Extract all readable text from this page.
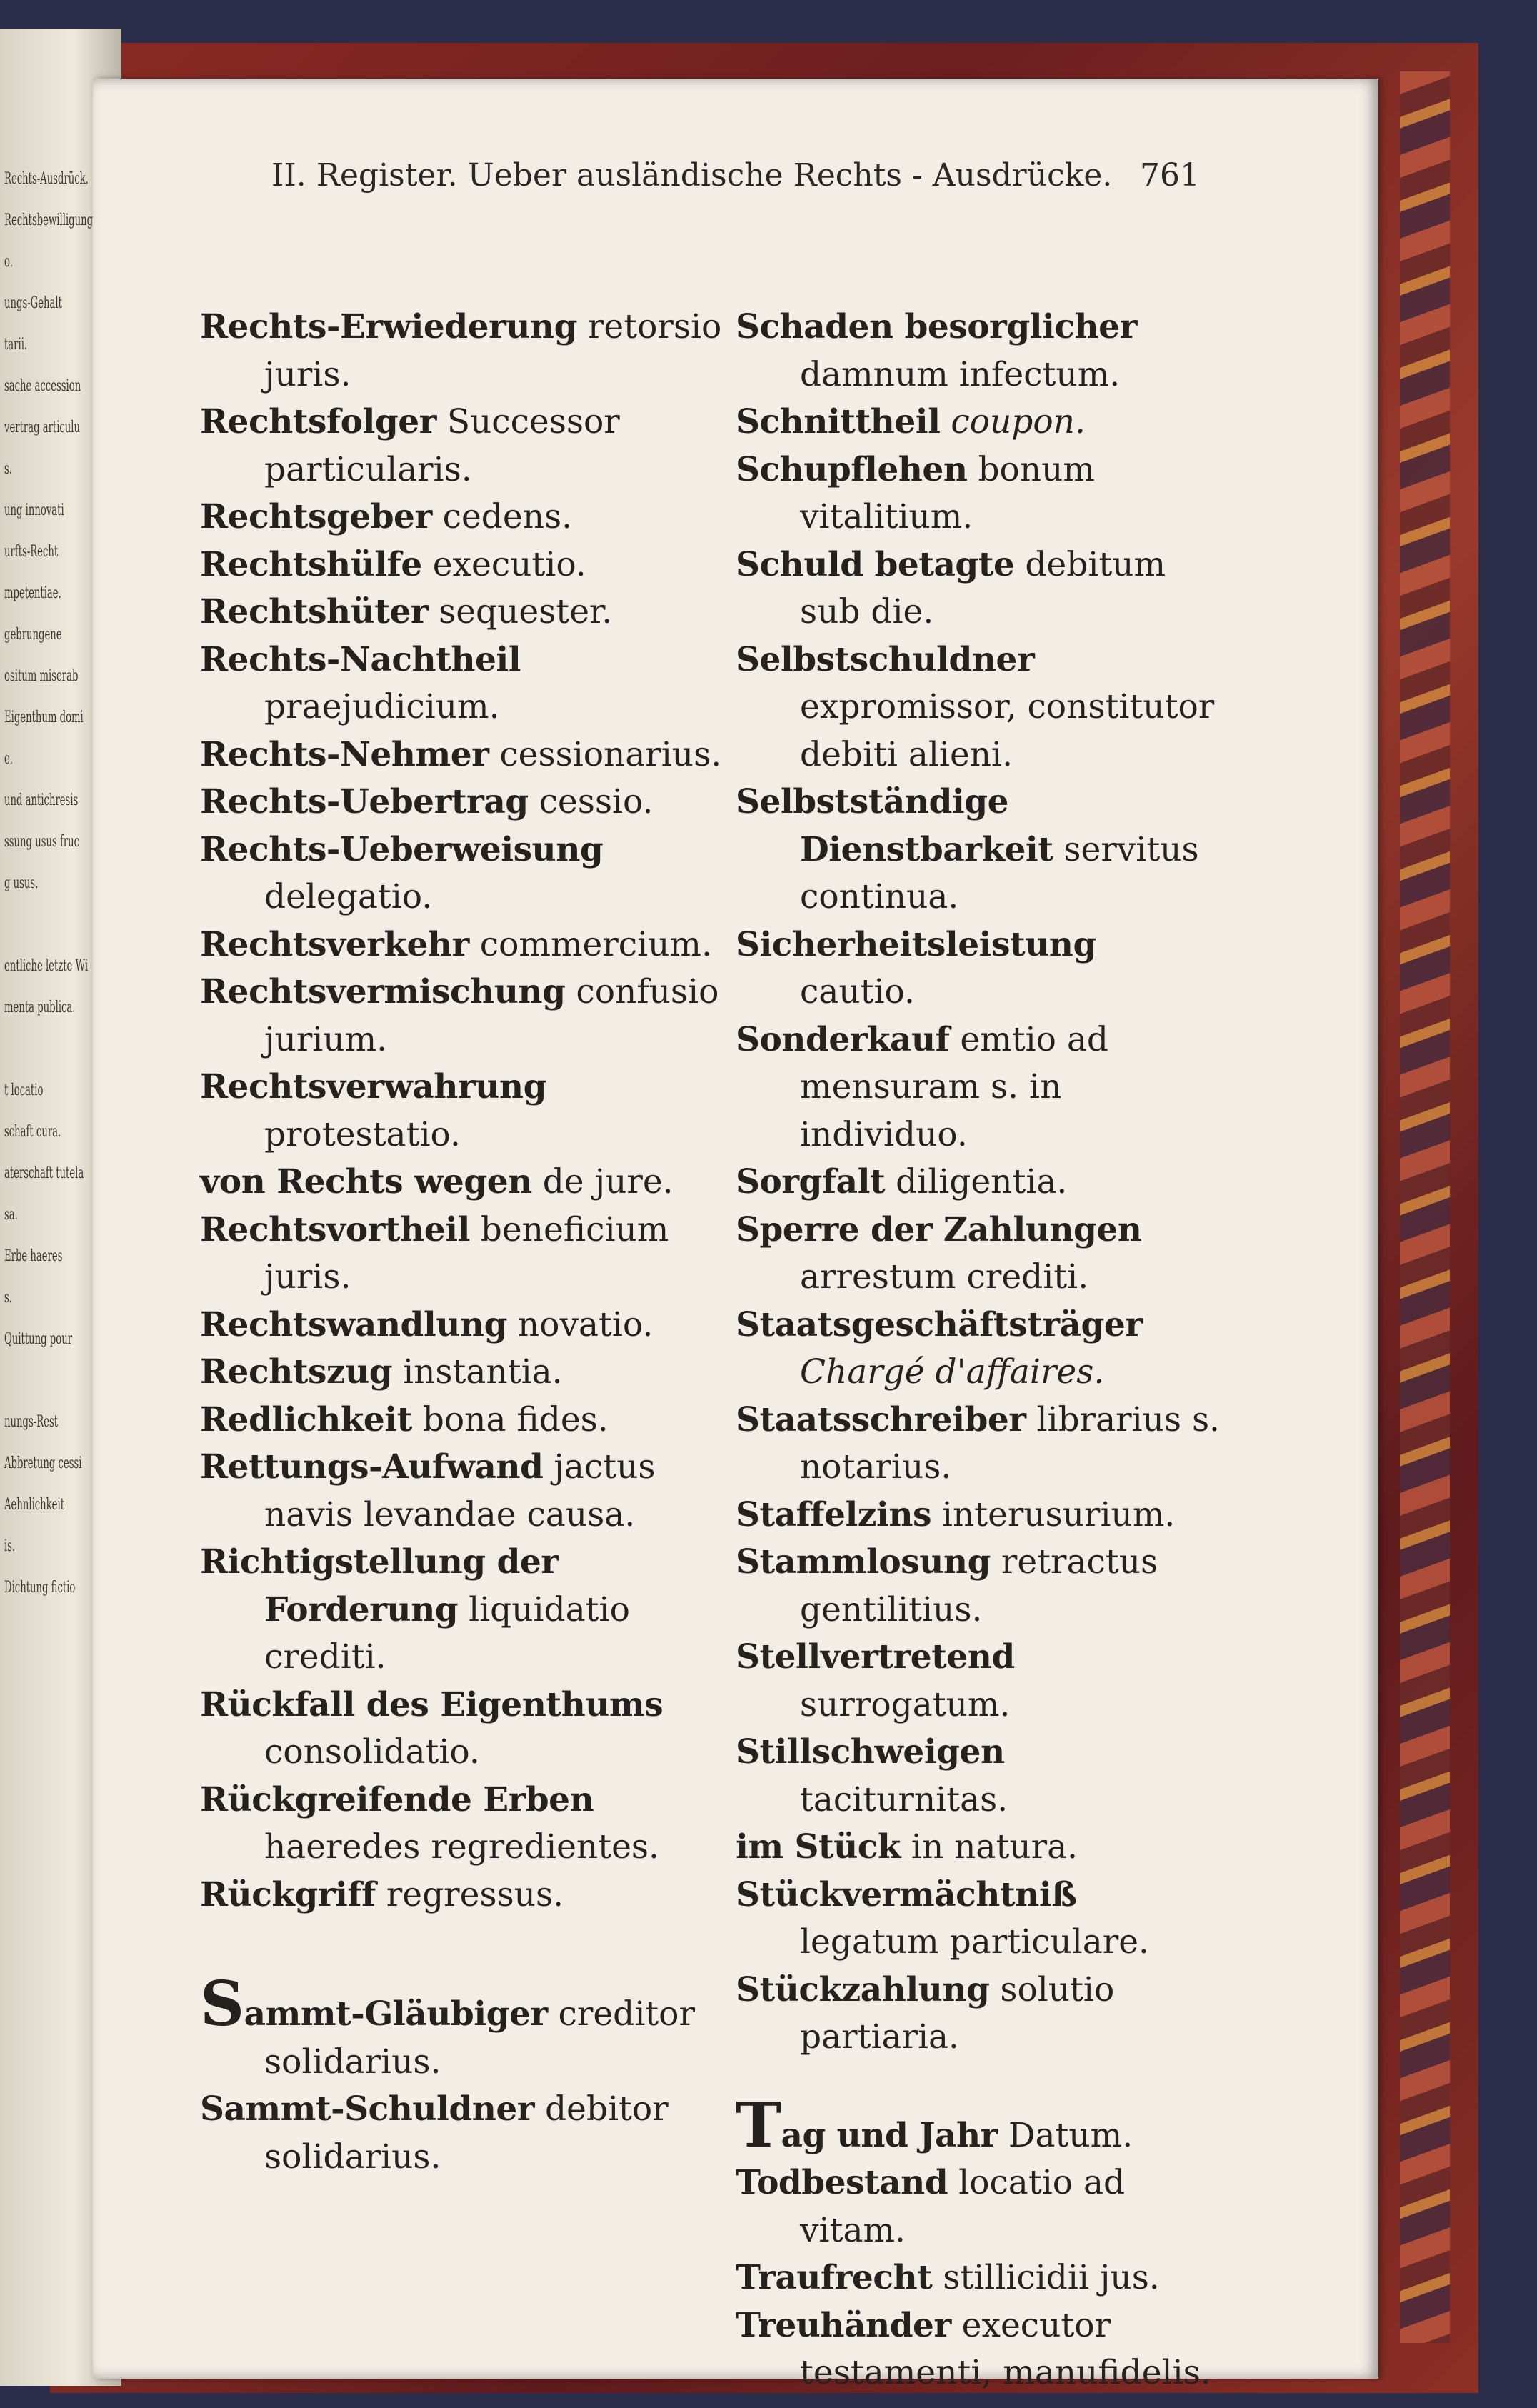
Rechts-Ausdrück.
Rechtsbewilligung
o.
ungs-Gehalt
tarii.
sache accession
vertrag articulu
s.
ung innovati
urfts-Recht
mpetentiae.
gebrungene
ositum miserab
Eigenthum domi
e.
und antichresis
ssung usus fruc
g usus.
entliche letzte Wi
menta publica.
t locatio
schaft cura.
aterschaft tutela
sa.
Erbe haeres
s.
Quittung pour
nungs-Rest
Abbretung cessi
Aehnlichkeit
is.
Dichtung fictio
II. Register. Ueber ausländische Rechts - Ausdrücke. 761

Rechts-Erwiederung retorsio juris.

Rechtsfolger Successor particularis.

Rechtsgeber cedens.

Rechtshülfe executio.

Rechtshüter sequester.

Rechts-Nachtheil praejudicium.

Rechts-Nehmer cessionarius.

Rechts-Uebertrag cessio.

Rechts-Ueberweisung delegatio.

Rechtsverkehr commercium.

Rechtsvermischung confusio jurium.

Rechtsverwahrung protestatio.

von Rechts wegen de jure.

Rechtsvortheil beneficium juris.

Rechtswandlung novatio.

Rechtszug instantia.

Redlichkeit bona fides.

Rettungs-Aufwand jactus navis levandae causa.

Richtigstellung der Forderung liquidatio crediti.

Rückfall des Eigenthums consolidatio.

Rückgreifende Erben haeredes regredientes.

Rückgriff regressus.

Sammt-Gläubiger creditor solidarius.

Sammt-Schuldner debitor solidarius.

Schaden besorglicher damnum infectum.

Schnittheil coupon.

Schupflehen bonum vitalitium.

Schuld betagte debitum sub die.

Selbstschuldner expromissor, constitutor debiti alieni.

Selbstständige Dienstbarkeit servitus continua.

Sicherheitsleistung cautio.

Sonderkauf emtio ad mensuram s. in individuo.

Sorgfalt diligentia.

Sperre der Zahlungen arrestum crediti.

Staatsgeschäftsträger Chargé d'affaires.

Staatsschreiber librarius s. notarius.

Staffelzins interusurium.

Stammlosung retractus gentilitius.

Stellvertretend surrogatum.

Stillschweigen taciturnitas.

im Stück in natura.

Stückvermächtniß legatum particulare.

Stückzahlung solutio partiaria.

Tag und Jahr Datum.

Todbestand locatio ad vitam.

Traufrecht stillicidii jus.

Treuhänder executor testamenti, manufidelis.
